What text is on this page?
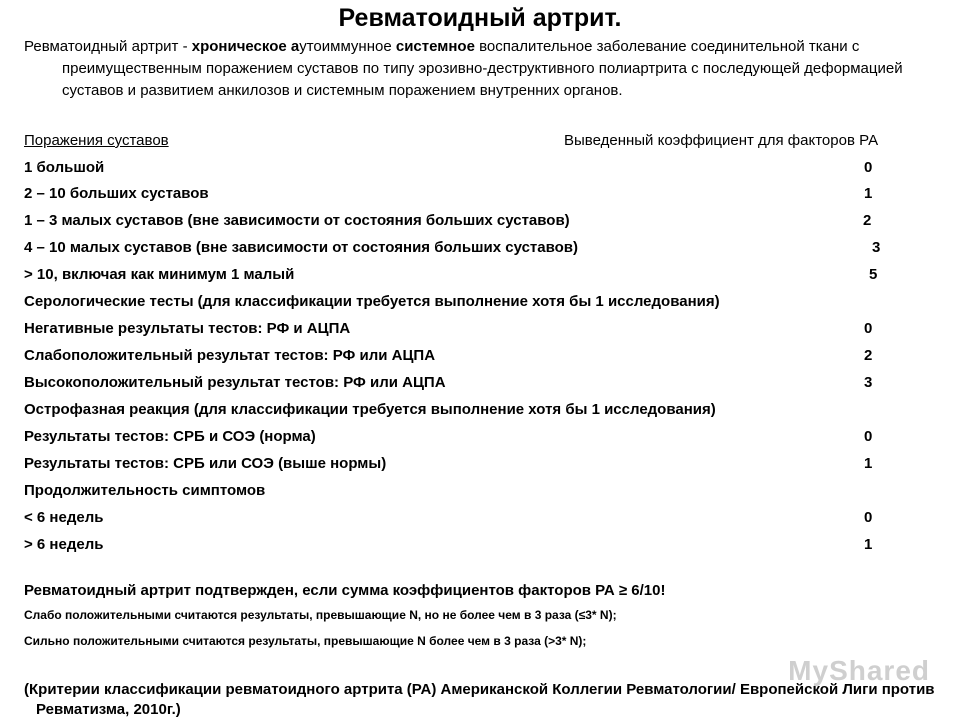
Ревматоидный артрит.
Ревматоидный артрит - хроническое аутоиммунное системное воспалительное заболевание соединительной ткани с преимущественным поражением суставов по типу эрозивно-деструктивного полиартрита с последующей деформацией суставов и развитием анкилозов и системным поражением внутренних органов.
Поражения суставов	Выведенный коэффициент для факторов РА
1 большой	0
2 – 10 больших суставов	1
1 – 3 малых суставов (вне зависимости от состояния больших суставов)	2
4 – 10 малых суставов (вне зависимости от состояния больших суставов)	3
> 10, включая как минимум 1 малый	5
Серологические тесты (для классификации требуется выполнение хотя бы 1 исследования)
Негативные результаты тестов: РФ и АЦПА	0
Слабоположительный результат тестов: РФ или АЦПА	2
Высокоположительный результат тестов: РФ или АЦПА	3
Острофазная реакция (для классификации требуется выполнение хотя бы 1 исследования)
Результаты тестов: СРБ и СОЭ (норма)	0
Результаты тестов: СРБ или СОЭ (выше нормы)	1
Продолжительность симптомов
< 6 недель	0
> 6 недель	1
Ревматоидный артрит подтвержден, если сумма коэффициентов факторов РА ≥ 6/10!
Слабо положительными считаются результаты, превышающие N, но не более чем в 3 раза (≤3* N);
Сильно положительными считаются результаты, превышающие N более чем в 3 раза (>3* N);
MyShared
(Критерии классификации ревматоидного артрита (РА) Американской Коллегии Ревматологии/ Европейской Лиги против Ревматизма, 2010г.)
